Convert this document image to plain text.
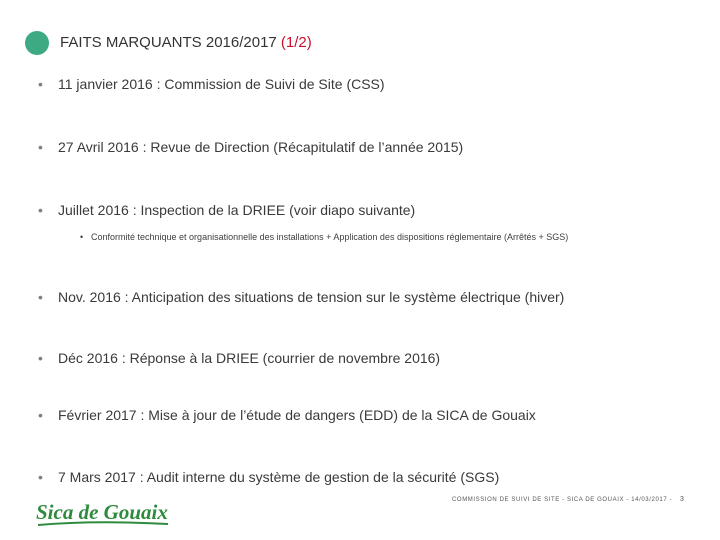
FAITS MARQUANTS 2016/2017 (1/2)
• 11 janvier 2016 : Commission de Suivi de Site (CSS)
• 27 Avril 2016 : Revue de Direction (Récapitulatif de l’année 2015)
• Juillet 2016 : Inspection de la DRIEE (voir diapo suivante)
• Conformité technique et organisationnelle des installations + Application des dispositions réglementaire (Arrêtés + SGS)
• Nov. 2016 : Anticipation des situations de tension sur le système électrique (hiver)
• Déc 2016 : Réponse à la DRIEE (courrier de novembre 2016)
• Février 2017 : Mise à jour de l’étude de dangers (EDD) de la SICA de Gouaix
• 7 Mars 2017 : Audit interne du système de gestion de la sécurité (SGS)
Sica de Gouaix	COMMISSION DE SUIVI DE SITE - SICA DE GOUAIX - 14/03/2017 - 3
